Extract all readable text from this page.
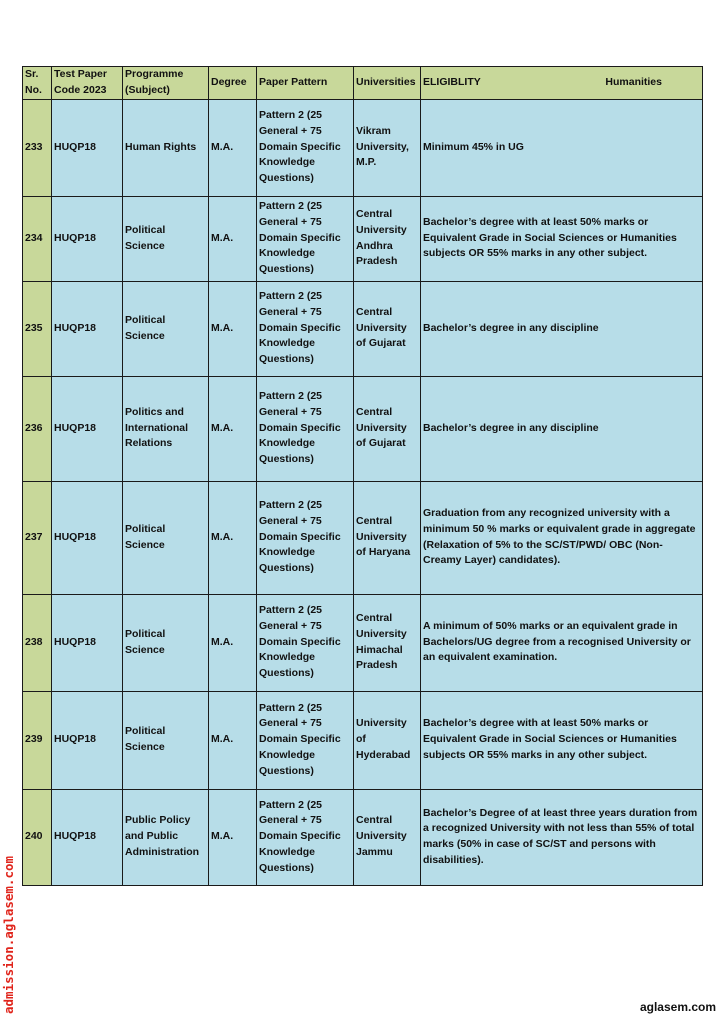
Sr. No.	Test Paper Code 2023	Programme (Subject)	Degree	Paper Pattern	Universities	ELIGIBLITY Humanities

233	HUQP18	Human Rights	M.A.	Pattern 2 (25 General + 75 Domain Specific Knowledge Questions)	Vikram University, M.P.	Minimum 45% in UG
234	HUQP18	Political Science	M.A.	Pattern 2 (25 General + 75 Domain Specific Knowledge Questions)	Central University Andhra Pradesh	Bachelor’s degree with at least 50% marks or Equivalent Grade in Social Sciences or Humanities subjects OR 55% marks in any other subject.
235	HUQP18	Political Science	M.A.	Pattern 2 (25 General + 75 Domain Specific Knowledge Questions)	Central University of Gujarat	Bachelor’s degree in any discipline
236	HUQP18	Politics and International Relations	M.A.	Pattern 2 (25 General + 75 Domain Specific Knowledge Questions)	Central University of Gujarat	Bachelor’s degree in any discipline
237	HUQP18	Political Science	M.A.	Pattern 2 (25 General + 75 Domain Specific Knowledge Questions)	Central University of Haryana	Graduation from any recognized university with a minimum 50 % marks or equivalent grade in aggregate (Relaxation of 5% to the SC/ST/PWD/ OBC (Non-Creamy Layer) candidates).
238	HUQP18	Political Science	M.A.	Pattern 2 (25 General + 75 Domain Specific Knowledge Questions)	Central University Himachal Pradesh	A minimum of 50% marks or an equivalent grade in Bachelors/UG degree from a recognised University or an equivalent examination.
239	HUQP18	Political Science	M.A.	Pattern 2 (25 General + 75 Domain Specific Knowledge Questions)	University of Hyderabad	Bachelor’s degree with at least 50% marks or Equivalent Grade in Social Sciences or Humanities subjects OR 55% marks in any other subject.
240	HUQP18	Public Policy and Public Administration	M.A.	Pattern 2 (25 General + 75 Domain Specific Knowledge Questions)	Central University Jammu	Bachelor’s Degree of at least three years duration from a recognized University with not less than 55% of total marks (50% in case of SC/ST and persons with disabilities).
admission.aglasem.com	aglasem.com
